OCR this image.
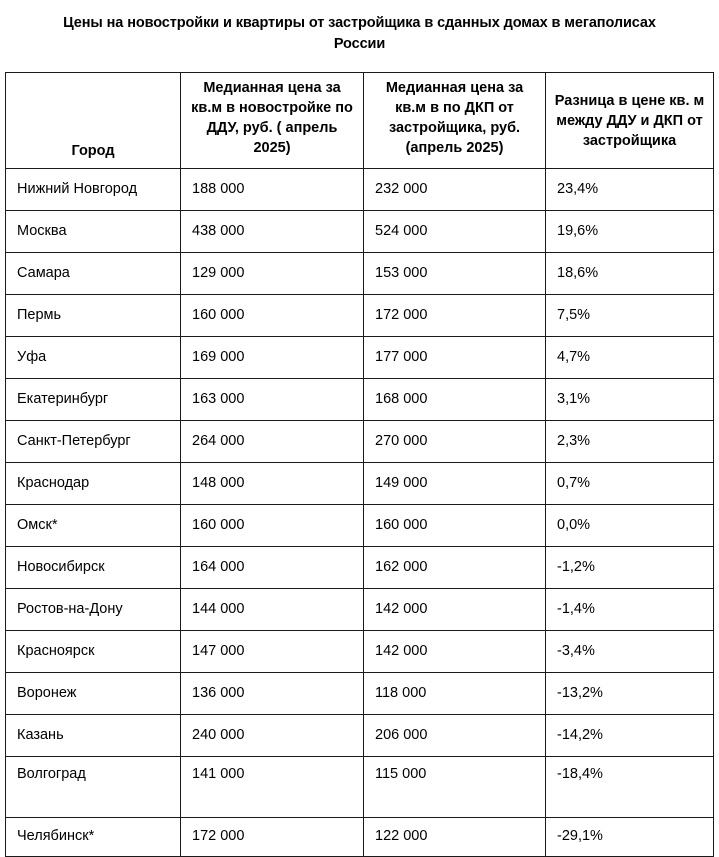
Цены на новостройки и квартиры от застройщика в сданных домах в мегаполисах России
Город	Медианная цена за кв.м в новостройке по ДДУ, руб. ( апрель 2025)	Медианная цена за кв.м в по ДКП от застройщика, руб. (апрель 2025)	Разница в цене кв. м между ДДУ и ДКП от застройщика
Нижний Новгород	188 000	232 000	23,4%
Москва	438 000	524 000	19,6%
Самара	129 000	153 000	18,6%
Пермь	160 000	172 000	7,5%
Уфа	169 000	177 000	4,7%
Екатеринбург	163 000	168 000	3,1%
Санкт-Петербург	264 000	270 000	2,3%
Краснодар	148 000	149 000	0,7%
Омск*	160 000	160 000	0,0%
Новосибирск	164 000	162 000	-1,2%
Ростов-на-Дону	144 000	142 000	-1,4%
Красноярск	147 000	142 000	-3,4%
Воронеж	136 000	118 000	-13,2%
Казань	240 000	206 000	-14,2%
Волгоград	141 000	115 000	-18,4%
Челябинск*	172 000	122 000	-29,1%
